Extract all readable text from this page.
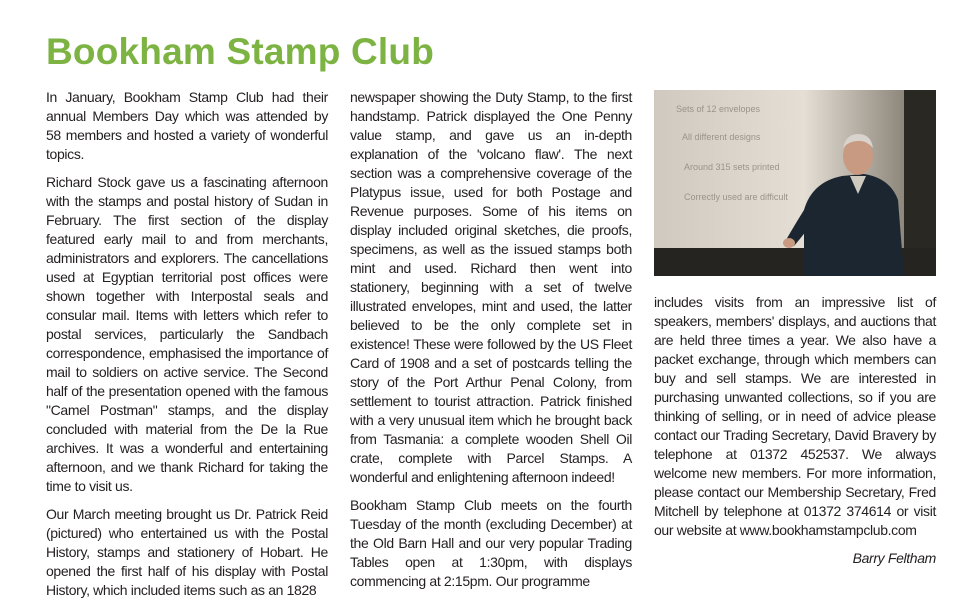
Bookham Stamp Club

In January, Bookham Stamp Club had their annual Members Day which was attended by 58 members and hosted a variety of wonderful topics.

Richard Stock gave us a fascinating afternoon with the stamps and postal history of Sudan in February. The first section of the display featured early mail to and from merchants, administrators and explorers. The cancellations used at Egyptian territorial post offices were shown together with Interpostal seals and consular mail. Items with letters which refer to postal services, particularly the Sandbach correspondence, emphasised the importance of mail to soldiers on active service. The Second half of the presentation opened with the famous "Camel Postman" stamps, and the display concluded with material from the De la Rue archives. It was a wonderful and entertaining afternoon, and we thank Richard for taking the time to visit us.

Our March meeting brought us Dr. Patrick Reid (pictured) who entertained us with the Postal History, stamps and stationery of Hobart. He opened the first half of his display with Postal History, which included items such as an 1828

newspaper showing the Duty Stamp, to the first handstamp. Patrick displayed the One Penny value stamp, and gave us an in-depth explanation of the 'volcano flaw'. The next section was a comprehensive coverage of the Platypus issue, used for both Postage and Revenue purposes. Some of his items on display included original sketches, die proofs, specimens, as well as the issued stamps both mint and used. Richard then went into stationery, beginning with a set of twelve illustrated envelopes, mint and used, the latter believed to be the only complete set in existence! These were followed by the US Fleet Card of 1908 and a set of postcards telling the story of the Port Arthur Penal Colony, from settlement to tourist attraction. Patrick finished with a very unusual item which he brought back from Tasmania: a complete wooden Shell Oil crate, complete with Parcel Stamps. A wonderful and enlightening afternoon indeed!

Bookham Stamp Club meets on the fourth Tuesday of the month (excluding December) at the Old Barn Hall and our very popular Trading Tables open at 1:30pm, with displays commencing at 2:15pm. Our programme

Sets of 12 envelopes
All different designs
Around 315 sets printed
Correctly used are difficult

includes visits from an impressive list of speakers, members' displays, and auctions that are held three times a year. We also have a packet exchange, through which members can buy and sell stamps. We are interested in purchasing unwanted collections, so if you are thinking of selling, or in need of advice please contact our Trading Secretary, David Bravery by telephone at 01372 452537. We always welcome new members. For more information, please contact our Membership Secretary, Fred Mitchell by telephone at 01372 374614 or visit our website at www.bookhamstampclub.com

Barry Feltham
